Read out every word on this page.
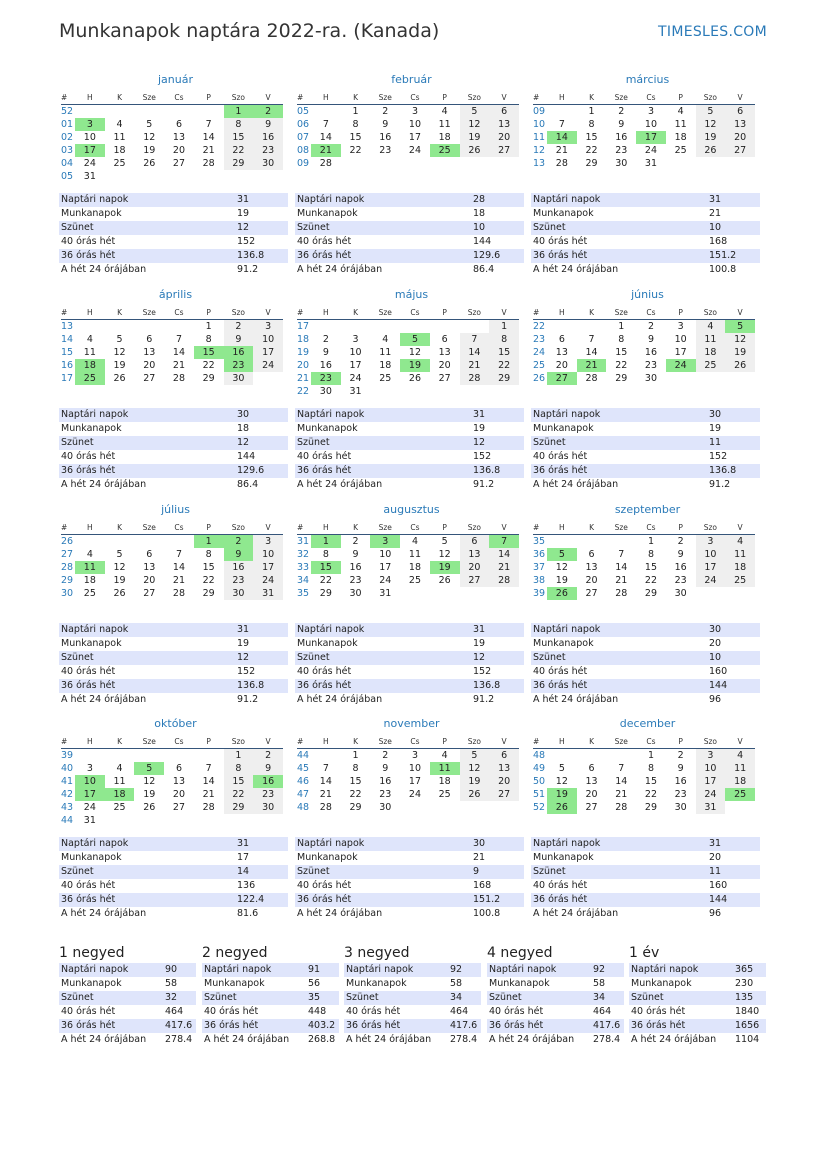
Munkanapok naptára 2022-ra. (Kanada)	TIMESLES.COM
január
#	H	K	Sze	Cs	P	Szo	V
52						1	2
01	3	4	5	6	7	8	9
02	10	11	12	13	14	15	16
03	17	18	19	20	21	22	23
04	24	25	26	27	28	29	30
05	31						
Naptári napok	31
Munkanapok	19
Szünet	12
40 órás hét	152
36 órás hét	136.8
A hét 24 órájában	91.2
február
#	H	K	Sze	Cs	P	Szo	V
05		1	2	3	4	5	6
06	7	8	9	10	11	12	13
07	14	15	16	17	18	19	20
08	21	22	23	24	25	26	27
09	28						
Naptári napok	28
Munkanapok	18
Szünet	10
40 órás hét	144
36 órás hét	129.6
A hét 24 órájában	86.4
március
#	H	K	Sze	Cs	P	Szo	V
09		1	2	3	4	5	6
10	7	8	9	10	11	12	13
11	14	15	16	17	18	19	20
12	21	22	23	24	25	26	27
13	28	29	30	31			
Naptári napok	31
Munkanapok	21
Szünet	10
40 órás hét	168
36 órás hét	151.2
A hét 24 órájában	100.8
április
#	H	K	Sze	Cs	P	Szo	V
13					1	2	3
14	4	5	6	7	8	9	10
15	11	12	13	14	15	16	17
16	18	19	20	21	22	23	24
17	25	26	27	28	29	30	
Naptári napok	30
Munkanapok	18
Szünet	12
40 órás hét	144
36 órás hét	129.6
A hét 24 órájában	86.4
május
#	H	K	Sze	Cs	P	Szo	V
17							1
18	2	3	4	5	6	7	8
19	9	10	11	12	13	14	15
20	16	17	18	19	20	21	22
21	23	24	25	26	27	28	29
22	30	31					
Naptári napok	31
Munkanapok	19
Szünet	12
40 órás hét	152
36 órás hét	136.8
A hét 24 órájában	91.2
június
#	H	K	Sze	Cs	P	Szo	V
22			1	2	3	4	5
23	6	7	8	9	10	11	12
24	13	14	15	16	17	18	19
25	20	21	22	23	24	25	26
26	27	28	29	30			
Naptári napok	30
Munkanapok	19
Szünet	11
40 órás hét	152
36 órás hét	136.8
A hét 24 órájában	91.2
július
#	H	K	Sze	Cs	P	Szo	V
26					1	2	3
27	4	5	6	7	8	9	10
28	11	12	13	14	15	16	17
29	18	19	20	21	22	23	24
30	25	26	27	28	29	30	31
Naptári napok	31
Munkanapok	19
Szünet	12
40 órás hét	152
36 órás hét	136.8
A hét 24 órájában	91.2
augusztus
#	H	K	Sze	Cs	P	Szo	V
31	1	2	3	4	5	6	7
32	8	9	10	11	12	13	14
33	15	16	17	18	19	20	21
34	22	23	24	25	26	27	28
35	29	30	31				
Naptári napok	31
Munkanapok	19
Szünet	12
40 órás hét	152
36 órás hét	136.8
A hét 24 órájában	91.2
szeptember
#	H	K	Sze	Cs	P	Szo	V
35				1	2	3	4
36	5	6	7	8	9	10	11
37	12	13	14	15	16	17	18
38	19	20	21	22	23	24	25
39	26	27	28	29	30		
Naptári napok	30
Munkanapok	20
Szünet	10
40 órás hét	160
36 órás hét	144
A hét 24 órájában	96
október
#	H	K	Sze	Cs	P	Szo	V
39						1	2
40	3	4	5	6	7	8	9
41	10	11	12	13	14	15	16
42	17	18	19	20	21	22	23
43	24	25	26	27	28	29	30
44	31						
Naptári napok	31
Munkanapok	17
Szünet	14
40 órás hét	136
36 órás hét	122.4
A hét 24 órájában	81.6
november
#	H	K	Sze	Cs	P	Szo	V
44		1	2	3	4	5	6
45	7	8	9	10	11	12	13
46	14	15	16	17	18	19	20
47	21	22	23	24	25	26	27
48	28	29	30				
Naptári napok	30
Munkanapok	21
Szünet	9
40 órás hét	168
36 órás hét	151.2
A hét 24 órájában	100.8
december
#	H	K	Sze	Cs	P	Szo	V
48				1	2	3	4
49	5	6	7	8	9	10	11
50	12	13	14	15	16	17	18
51	19	20	21	22	23	24	25
52	26	27	28	29	30	31	
Naptári napok	31
Munkanapok	20
Szünet	11
40 órás hét	160
36 órás hét	144
A hét 24 órájában	96
1 negyed
Naptári napok	90
Munkanapok	58
Szünet	32
40 órás hét	464
36 órás hét	417.6
A hét 24 órájában 278.4
2 negyed
Naptári napok	91
Munkanapok	56
Szünet	35
40 órás hét	448
36 órás hét	403.2
A hét 24 órájában 268.8
3 negyed
Naptári napok	92
Munkanapok	58
Szünet	34
40 órás hét	464
36 órás hét	417.6
A hét 24 órájában 278.4
4 negyed
Naptári napok	92
Munkanapok	58
Szünet	34
40 órás hét	464
36 órás hét	417.6
A hét 24 órájában 278.4
1 év
Naptári napok	365
Munkanapok	230
Szünet	135
40 órás hét	1840
36 órás hét	1656
A hét 24 órájában 1104
